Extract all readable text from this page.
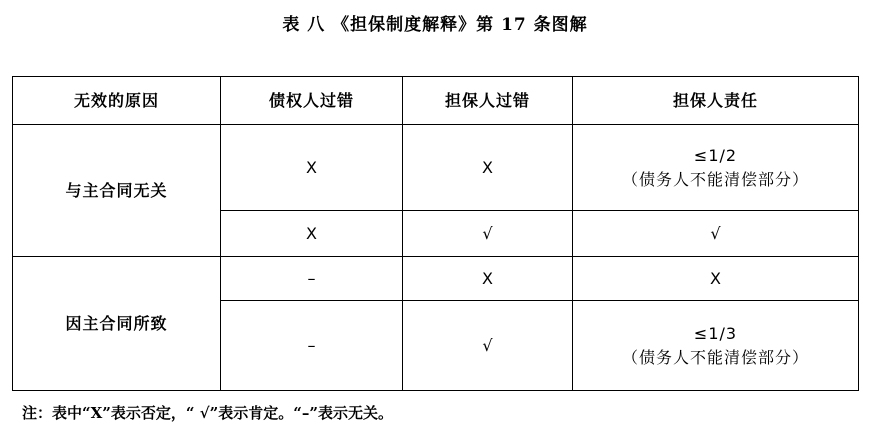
表 八 《担保制度解释》第 17 条图解
无效的原因	债权人过错	担保人过错	担保人责任
与主合同无关	X	X	≤1/2
（债务人不能清偿部分）

	X	√	√
因主合同所致	–	X	X
	–	√	≤1/3
（债务人不能清偿部分）
注：表中“X”表示否定，“ √”表示肯定。“–”表示无关。
